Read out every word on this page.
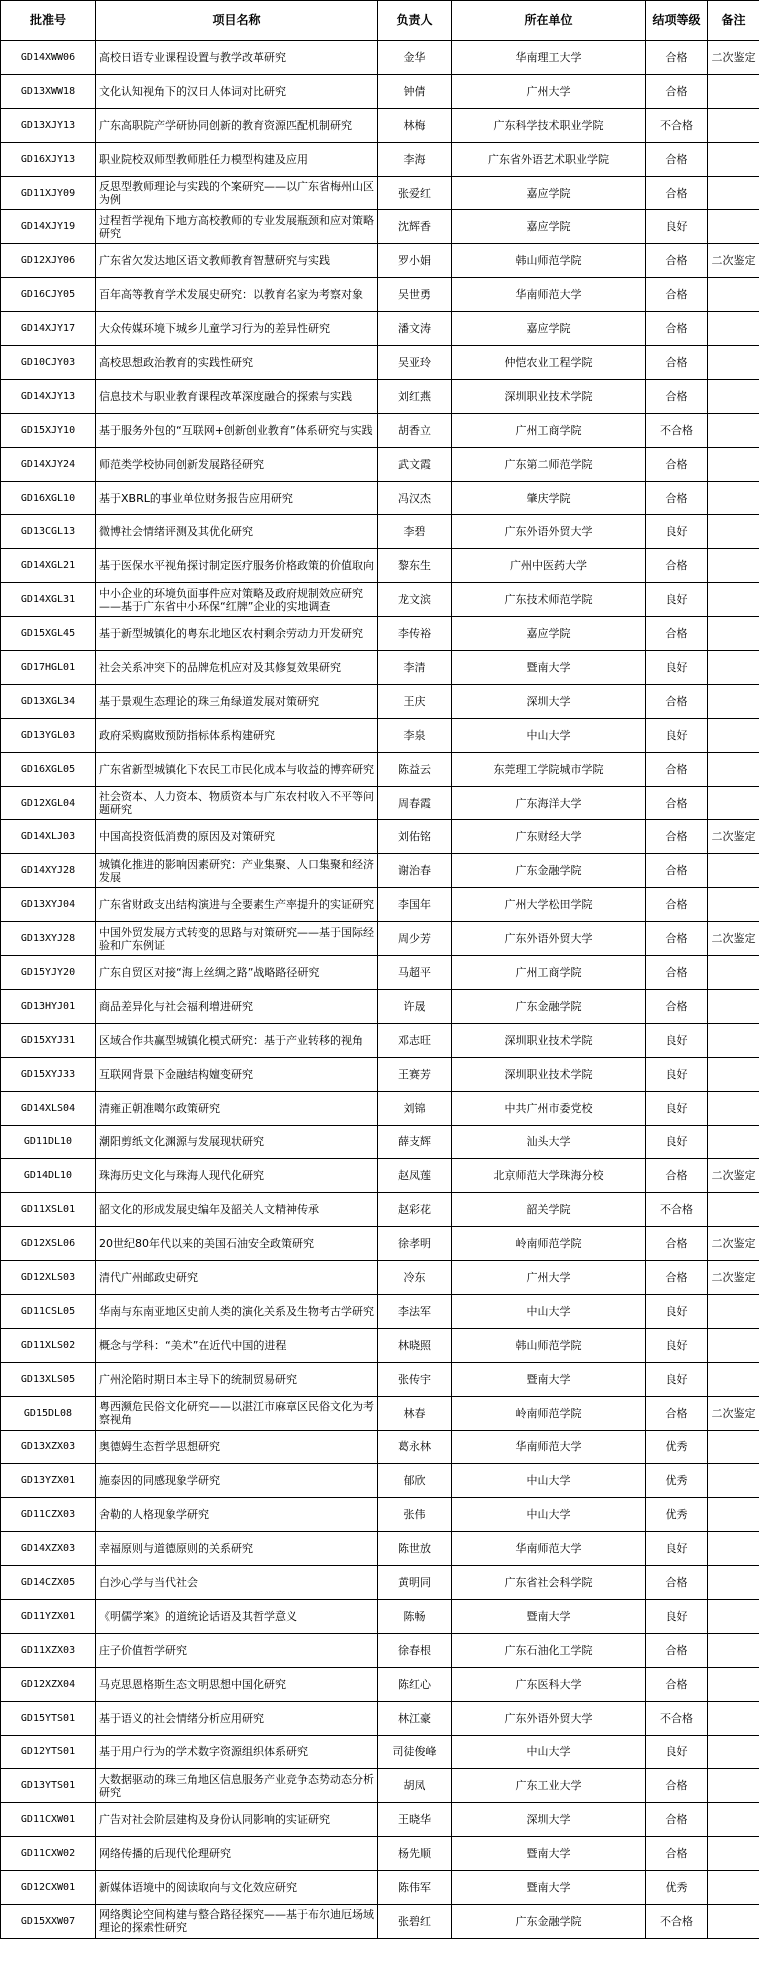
批准号	项目名称	负责人	所在单位	结项等级	备注
GD14XWW06	高校日语专业课程设置与教学改革研究	金华	华南理工大学	合格	二次鉴定
GD13XWW18	文化认知视角下的汉日人体词对比研究	钟倩	广州大学	合格	
GD13XJY13	广东高职院产学研协同创新的教育资源匹配机制研究	林梅	广东科学技术职业学院	不合格	
GD16XJY13	职业院校双师型教师胜任力模型构建及应用	李海	广东省外语艺术职业学院	合格	
GD11XJY09	反思型教师理论与实践的个案研究——以广东省梅州山区为例	张爱红	嘉应学院	合格	
GD14XJY19	过程哲学视角下地方高校教师的专业发展瓶颈和应对策略研究	沈辉香	嘉应学院	良好	
GD12XJY06	广东省欠发达地区语文教师教育智慧研究与实践	罗小娟	韩山师范学院	合格	二次鉴定
GD16CJY05	百年高等教育学术发展史研究：以教育名家为考察对象	吴世勇	华南师范大学	合格	
GD14XJY17	大众传媒环境下城乡儿童学习行为的差异性研究	潘文涛	嘉应学院	合格	
GD10CJY03	高校思想政治教育的实践性研究	吴亚玲	仲恺农业工程学院	合格	
GD14XJY13	信息技术与职业教育课程改革深度融合的探索与实践	刘红燕	深圳职业技术学院	合格	
GD15XJY10	基于服务外包的“互联网+创新创业教育”体系研究与实践	胡香立	广州工商学院	不合格	
GD14XJY24	师范类学校协同创新发展路径研究	武文霞	广东第二师范学院	合格	
GD16XGL10	基于XBRL的事业单位财务报告应用研究	冯汉杰	肇庆学院	合格	
GD13CGL13	微博社会情绪评测及其优化研究	李碧	广东外语外贸大学	良好	
GD14XGL21	基于医保水平视角探讨制定医疗服务价格政策的价值取向	黎东生	广州中医药大学	合格	
GD14XGL31	中小企业的环境负面事件应对策略及政府规制效应研究——基于广东省中小环保“红牌”企业的实地调查	龙文滨	广东技术师范学院	良好	
GD15XGL45	基于新型城镇化的粤东北地区农村剩余劳动力开发研究	李传裕	嘉应学院	合格	
GD17HGL01	社会关系冲突下的品牌危机应对及其修复效果研究	李清	暨南大学	良好	
GD13XGL34	基于景观生态理论的珠三角绿道发展对策研究	王庆	深圳大学	合格	
GD13YGL03	政府采购腐败预防指标体系构建研究	李泉	中山大学	良好	
GD16XGL05	广东省新型城镇化下农民工市民化成本与收益的博弈研究	陈益云	东莞理工学院城市学院	合格	
GD12XGL04	社会资本、人力资本、物质资本与广东农村收入不平等问题研究	周春霞	广东海洋大学	合格	
GD14XLJ03	中国高投资低消费的原因及对策研究	刘佑铭	广东财经大学	合格	二次鉴定
GD14XYJ28	城镇化推进的影响因素研究：产业集聚、人口集聚和经济发展	谢治春	广东金融学院	合格	
GD13XYJ04	广东省财政支出结构演进与全要素生产率提升的实证研究	李国年	广州大学松田学院	合格	
GD13XYJ28	中国外贸发展方式转变的思路与对策研究——基于国际经验和广东例证	周少芳	广东外语外贸大学	合格	二次鉴定
GD15YJY20	广东自贸区对接“海上丝绸之路”战略路径研究	马超平	广州工商学院	合格	
GD13HYJ01	商品差异化与社会福利增进研究	许晟	广东金融学院	合格	
GD15XYJ31	区域合作共赢型城镇化模式研究：基于产业转移的视角	邓志旺	深圳职业技术学院	良好	
GD15XYJ33	互联网背景下金融结构嬗变研究	王赛芳	深圳职业技术学院	良好	
GD14XLS04	清雍正朝准噶尔政策研究	刘锦	中共广州市委党校	良好	
GD11DL10	潮阳剪纸文化渊源与发展现状研究	薛支辉	汕头大学	良好	
GD14DL10	珠海历史文化与珠海人现代化研究	赵凤莲	北京师范大学珠海分校	合格	二次鉴定
GD11XSL01	韶文化的形成发展史编年及韶关人文精神传承	赵彩花	韶关学院	不合格	
GD12XSL06	20世纪80年代以来的美国石油安全政策研究	徐孝明	岭南师范学院	合格	二次鉴定
GD12XLS03	清代广州邮政史研究	冷东	广州大学	合格	二次鉴定
GD11CSL05	华南与东南亚地区史前人类的演化关系及生物考古学研究	李法军	中山大学	良好	
GD11XLS02	概念与学科：“美术”在近代中国的进程	林晓照	韩山师范学院	良好	
GD13XLS05	广州沦陷时期日本主导下的统制贸易研究	张传宇	暨南大学	良好	
GD15DL08	粤西濒危民俗文化研究——以湛江市麻章区民俗文化为考察视角	林春	岭南师范学院	合格	二次鉴定
GD13XZX03	奥德姆生态哲学思想研究	葛永林	华南师范大学	优秀	
GD13YZX01	施泰因的同感现象学研究	郁欣	中山大学	优秀	
GD11CZX03	舍勒的人格现象学研究	张伟	中山大学	优秀	
GD14XZX03	幸福原则与道德原则的关系研究	陈世放	华南师范大学	良好	
GD14CZX05	白沙心学与当代社会	黄明同	广东省社会科学院	合格	
GD11YZX01	《明儒学案》的道统论话语及其哲学意义	陈畅	暨南大学	良好	
GD11XZX03	庄子价值哲学研究	徐春根	广东石油化工学院	合格	
GD12XZX04	马克思恩格斯生态文明思想中国化研究	陈红心	广东医科大学	合格	
GD15YTS01	基于语义的社会情绪分析应用研究	林江豪	广东外语外贸大学	不合格	
GD12YTS01	基于用户行为的学术数字资源组织体系研究	司徒俊峰	中山大学	良好	
GD13YTS01	大数据驱动的珠三角地区信息服务产业竞争态势动态分析研究	胡凤	广东工业大学	合格	
GD11CXW01	广告对社会阶层建构及身份认同影响的实证研究	王晓华	深圳大学	合格	
GD11CXW02	网络传播的后现代伦理研究	杨先顺	暨南大学	合格	
GD12CXW01	新媒体语境中的阅读取向与文化效应研究	陈伟军	暨南大学	优秀	
GD15XXW07	网络舆论空间构建与整合路径探究——基于布尔迪厄场域理论的探索性研究	张碧红	广东金融学院	不合格	
